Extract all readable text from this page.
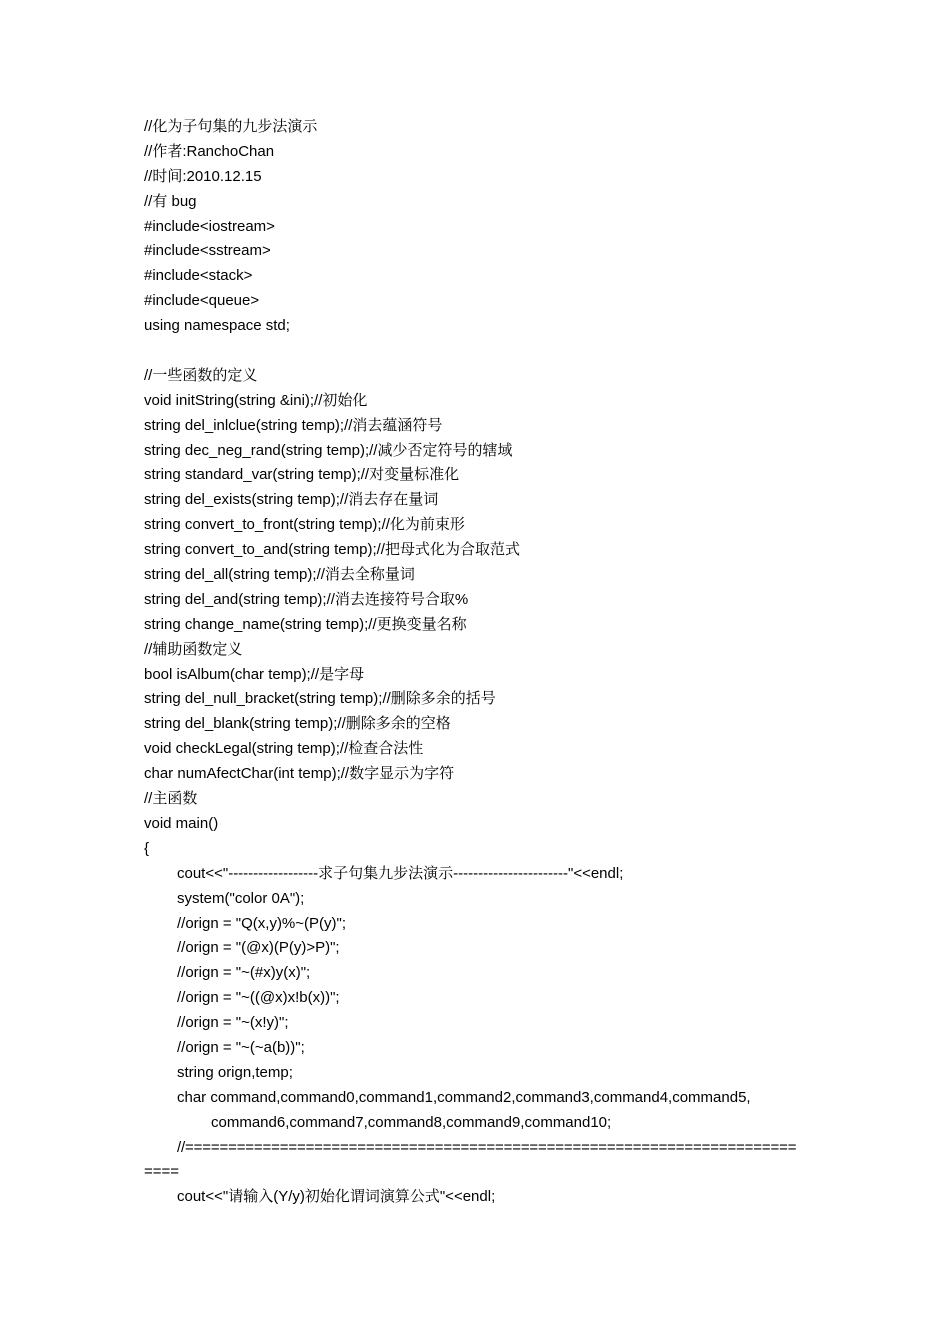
//化为子句集的九步法演示
//作者:RanchoChan
//时间:2010.12.15
//有 bug
#include<iostream>
#include<sstream>
#include<stack>
#include<queue>
using namespace std;
//一些函数的定义
void initString(string &ini);//初始化
string del_inlclue(string temp);//消去蕴涵符号
string dec_neg_rand(string temp);//减少否定符号的辖域
string standard_var(string temp);//对变量标准化
string del_exists(string temp);//消去存在量词
string convert_to_front(string temp);//化为前束形
string convert_to_and(string temp);//把母式化为合取范式
string del_all(string temp);//消去全称量词
string del_and(string temp);//消去连接符号合取%
string change_name(string temp);//更换变量名称
//辅助函数定义
bool isAlbum(char temp);//是字母
string del_null_bracket(string temp);//删除多余的括号
string del_blank(string temp);//删除多余的空格
void checkLegal(string temp);//检查合法性
char numAfectChar(int temp);//数字显示为字符
//主函数
void main()
{
cout<<"------------------求子句集九步法演示-----------------------"<<endl;
system("color 0A");
//orign = "Q(x,y)%~(P(y)";
//orign = "(@x)(P(y)>P)";
//orign = "~(#x)y(x)";
//orign = "~((@x)x!b(x))";
//orign = "~(x!y)";
//orign = "~(~a(b))";
string orign,temp;
char command,command0,command1,command2,command3,command4,command5,
command6,command7,command8,command9,command10;
//=======================================================================
====
cout<<"请输入(Y/y)初始化谓词演算公式"<<endl;
